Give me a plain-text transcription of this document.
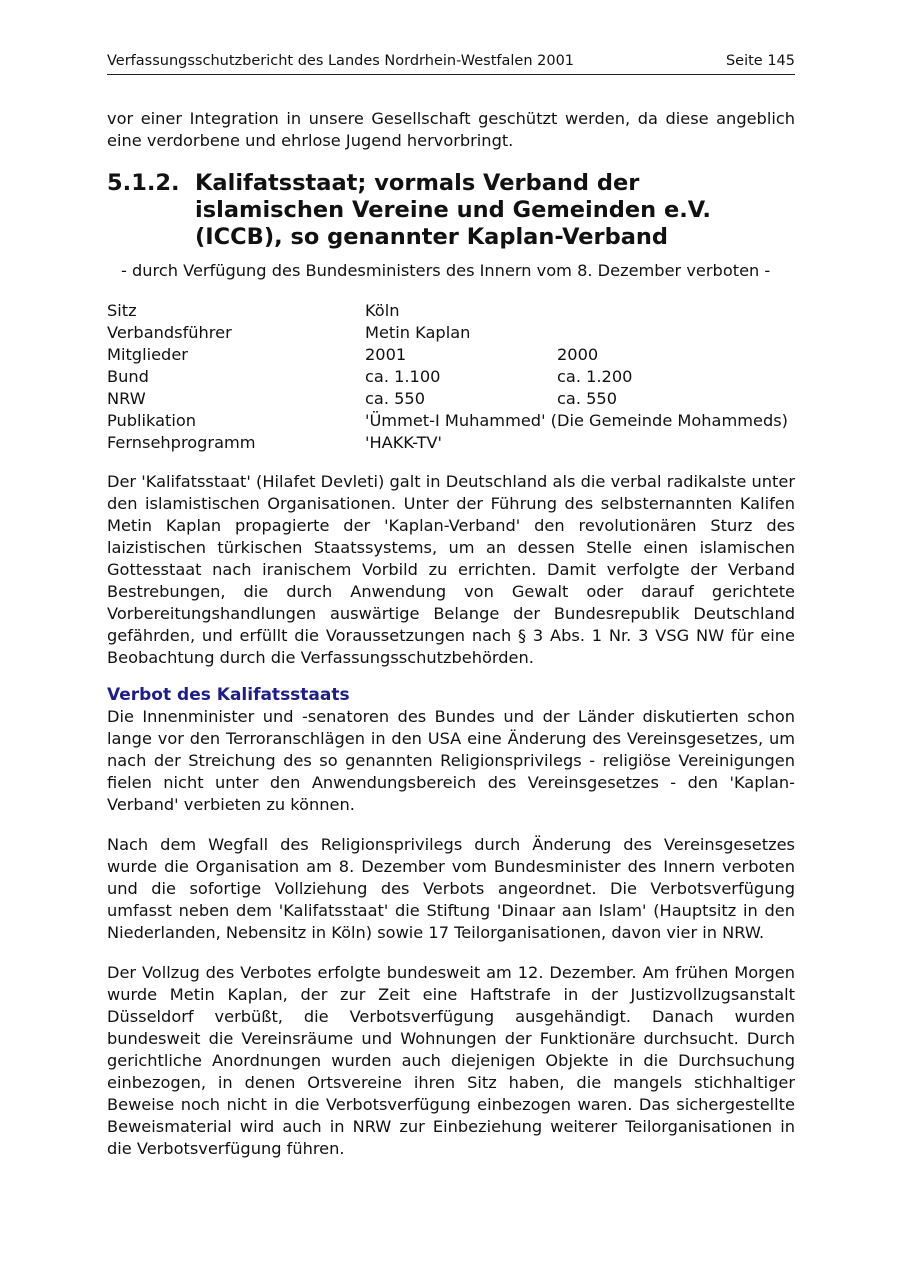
Verfassungsschutzbericht des Landes Nordrhein-Westfalen 2001	Seite 145
vor einer Integration in unsere Gesellschaft geschützt werden, da diese angeblich eine verdorbene und ehrlose Jugend hervorbringt.
5.1.2. Kalifatsstaat; vormals Verband der islamischen Vereine und Gemeinden e.V. (ICCB), so genannter Kaplan-Verband
- durch Verfügung des Bundesministers des Innern vom 8. Dezember verboten -
Sitz	Köln
Verbandsführer	Metin Kaplan
Mitglieder	2001	2000
Bund	ca. 1.100	ca. 1.200
NRW	ca. 550	ca. 550
Publikation	'Ümmet-I Muhammed' (Die Gemeinde Mohammeds)
Fernsehprogramm	'HAKK-TV'
Der 'Kalifatsstaat' (Hilafet Devleti) galt in Deutschland als die verbal radikalste unter den islamistischen Organisationen. Unter der Führung des selbsternannten Kalifen Metin Kaplan propagierte der 'Kaplan-Verband' den revolutionären Sturz des laizistischen türkischen Staatssystems, um an dessen Stelle einen islamischen Gottesstaat nach iranischem Vorbild zu errichten. Damit verfolgte der Verband Bestrebungen, die durch Anwendung von Gewalt oder darauf gerichtete Vorbereitungshandlungen auswärtige Belange der Bundesrepublik Deutschland gefährden, und erfüllt die Voraussetzungen nach § 3 Abs. 1 Nr. 3 VSG NW für eine Beobachtung durch die Verfassungsschutzbehörden.
Verbot des Kalifatsstaats
Die Innenminister und -senatoren des Bundes und der Länder diskutierten schon lange vor den Terroranschlägen in den USA eine Änderung des Vereinsgesetzes, um nach der Streichung des so genannten Religionsprivilegs - religiöse Vereinigungen fielen nicht unter den Anwendungsbereich des Vereinsgesetzes - den 'Kaplan-Verband' verbieten zu können.
Nach dem Wegfall des Religionsprivilegs durch Änderung des Vereinsgesetzes wurde die Organisation am 8. Dezember vom Bundesminister des Innern verboten und die sofortige Vollziehung des Verbots angeordnet. Die Verbotsverfügung umfasst neben dem 'Kalifatsstaat' die Stiftung 'Dinaar aan Islam' (Hauptsitz in den Niederlanden, Nebensitz in Köln) sowie 17 Teilorganisationen, davon vier in NRW.
Der Vollzug des Verbotes erfolgte bundesweit am 12. Dezember. Am frühen Morgen wurde Metin Kaplan, der zur Zeit eine Haftstrafe in der Justizvollzugsanstalt Düsseldorf verbüßt, die Verbotsverfügung ausgehändigt. Danach wurden bundesweit die Vereinsräume und Wohnungen der Funktionäre durchsucht. Durch gerichtliche Anordnungen wurden auch diejenigen Objekte in die Durchsuchung einbezogen, in denen Ortsvereine ihren Sitz haben, die mangels stichhaltiger Beweise noch nicht in die Verbotsverfügung einbezogen waren. Das sichergestellte Beweismaterial wird auch in NRW zur Einbeziehung weiterer Teilorganisationen in die Verbotsverfügung führen.
